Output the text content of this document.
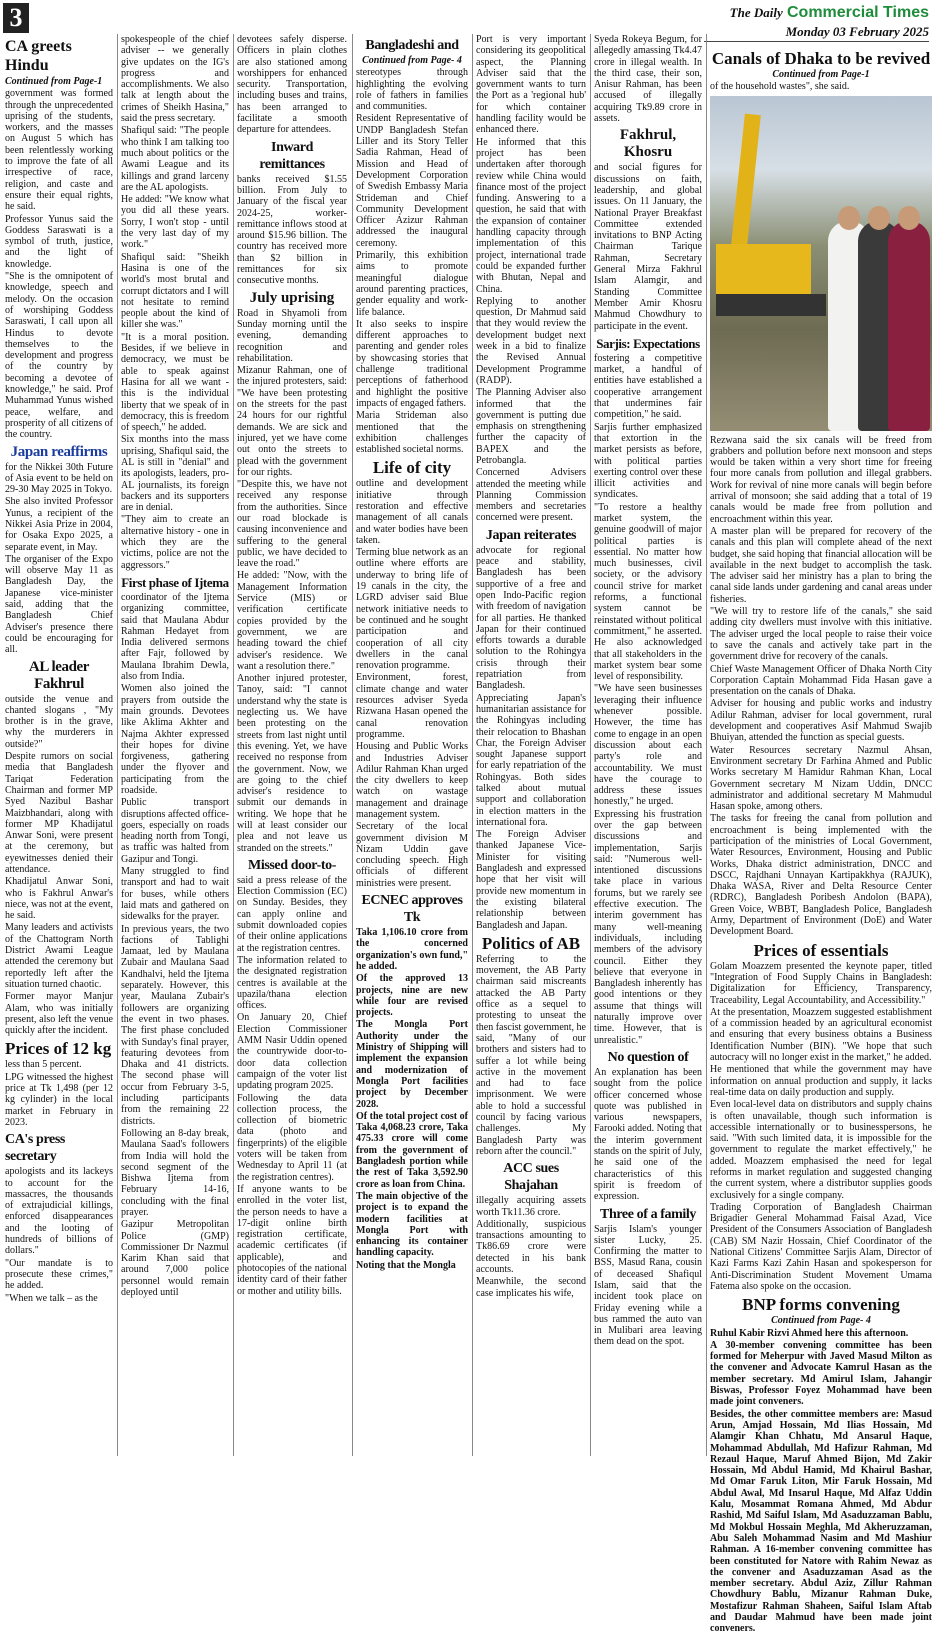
3	The Daily Commercial Times
Monday 03 February 2025
CA greets Hindu
Continued from Page-1

government was formed through the unprecedented uprising of the students, workers, and the masses on August 5 which has been relentlessly working to improve the fate of all irrespective of race, religion, and caste and ensure their equal rights, he said.

Professor Yunus said the Goddess Saraswati is a symbol of truth, justice, and the light of knowledge.

"She is the omnipotent of knowledge, speech and melody. On the occasion of worshiping Goddess Saraswati, I call upon all Hindus to devote themselves to the development and progress of the country by becoming a devotee of knowledge," he said. Prof Muhammad Yunus wished peace, welfare, and prosperity of all citizens of the country.

Japan reaffirms

for the Nikkei 30th Future of Asia event to be held on 29-30 May 2025 in Tokyo.

She also invited Professor Yunus, a recipient of the Nikkei Asia Prize in 2004, for Osaka Expo 2025, a separate event, in May.

The organiser of the Expo will observe May 11 as Bangladesh Day, the Japanese vice-minister said, adding that the Bangladesh Chief Adviser's presence there could be encouraging for all.

AL leader Fakhrul

outside the venue and chanted slogans , "My brother is in the grave, why the murderers in outside?"

Despite rumors on social media that Bangladesh Tariqat Federation Chairman and former MP Syed Nazibul Bashar Maizbhandari, along with former MP Khadijatul Anwar Soni, were present at the ceremony, but eyewitnesses denied their attendance.

Khadijatul Anwar Soni, who is Fakhrul Anwar's niece, was not at the event, he said.

Many leaders and activists of the Chattogram North District Awami League attended the ceremony but reportedly left after the situation turned chaotic.

Former mayor Manjur Alam, who was initially present, also left the venue quickly after the incident.

Prices of 12 kg

less than 5 percent.

LPG witnessed the highest price at Tk 1,498 (per 12 kg cylinder) in the local market in February in 2023.

CA's press secretary

apologists and its lackeys to account for the massacres, the thousands of extrajudicial killings, enforced disappearances and the looting of hundreds of billions of dollars."

"Our mandate is to prosecute these crimes," he added.

"When we talk – as the

spokespeople of the chief adviser -- we generally give updates on the IG's progress and accomplishments. We also talk at length about the crimes of Sheikh Hasina," said the press secretary.

Shafiqul said: "The people who think I am talking too much about politics or the Awami League and its killings and grand larceny are the AL apologists.

He added: "We know what you did all these years. Sorry, I won't stop - until the very last day of my work."

Shafiqul said: "Sheikh Hasina is one of the world's most brutal and corrupt dictators and I will not hesitate to remind people about the kind of killer she was."

"It is a moral position. Besides, if we believe in democracy, we must be able to speak against Hasina for all we want - this is the individual liberty that we speak of in democracy, this is freedom of speech," he added.

Six months into the mass uprising, Shafiqul said, the AL is still in "denial" and its apologists, leaders, pro-AL journalists, its foreign backers and its supporters are in denial.

"They aim to create an alternative history - one in which they are the victims, police are not the aggressors."

First phase of Ijtema

coordinator of the Ijtema organizing committee, said that Maulana Abdur Rahman Hedayet from India delivered sermons after Fajr, followed by Maulana Ibrahim Dewla, also from India.

Women also joined the prayers from outside the main grounds. Devotees like Aklima Akhter and Najma Akhter expressed their hopes for divine forgiveness, gathering under the flyover and participating from the roadside.

Public transport disruptions affected office-goers, especially on roads heading north from Tongi, as traffic was halted from Gazipur and Tongi.

Many struggled to find transport and had to wait for buses, while others laid mats and gathered on sidewalks for the prayer.

In previous years, the two factions of Tablighi Jamaat, led by Maulana Zubair and Maulana Saad Kandhalvi, held the Ijtema separately. However, this year, Maulana Zubair's followers are organizing the event in two phases. The first phase concluded with Sunday's final prayer, featuring devotees from Dhaka and 41 districts. The second phase will occur from February 3-5, including participants from the remaining 22 districts.

Following an 8-day break, Maulana Saad's followers from India will hold the second segment of the Bishwa Ijtema from February 14-16, concluding with the final prayer.

Gazipur Metropolitan Police (GMP) Commissioner Dr Nazmul Karim Khan said that around 7,000 police personnel would remain deployed until

devotees safely disperse. Officers in plain clothes are also stationed among worshippers for enhanced security. Transportation, including buses and trains, has been arranged to facilitate a smooth departure for attendees.

Inward remittances

banks received $1.55 billion. From July to January of the fiscal year 2024-25, worker-remittance inflows stood at around $15.96 billion. The country has received more than $2 billion in remittances for six consecutive months.

July uprising

Road in Shyamoli from Sunday morning until the evening, demanding recognition and rehabilitation.

Mizanur Rahman, one of the injured protesters, said: "We have been protesting on the streets for the past 24 hours for our rightful demands. We are sick and injured, yet we have come out onto the streets to plead with the government for our rights.

"Despite this, we have not received any response from the authorities. Since our road blockade is causing inconvenience and suffering to the general public, we have decided to leave the road."

He added: "Now, with the Management Information Service (MIS) or verification certificate copies provided by the government, we are heading toward the chief adviser's residence. We want a resolution there."

Another injured protester, Tanoy, said: "I cannot understand why the state is neglecting us. We have been protesting on the streets from last night until this evening. Yet, we have received no response from the government. Now, we are going to the chief adviser's residence to submit our demands in writing. We hope that he will at least consider our plea and not leave us stranded on the streets."

Missed door-to-

said a press release of the Election Commission (EC) on Sunday. Besides, they can apply online and submit downloaded copies of their online applications at the registration centres.

The information related to the designated registration centres is available at the upazila/thana election offices.

On January 20, Chief Election Commissioner AMM Nasir Uddin opened the countrywide door-to-door data collection campaign of the voter list updating program 2025.

Following the data collection process, the collection of biometric data (photo and fingerprints) of the eligible voters will be taken from Wednesday to April 11 (at the registration centres).

If anyone wants to be enrolled in the voter list, the person needs to have a 17-digit online birth registration certificate, academic certificates (if applicable), and photocopies of the national identity card of their father or mother and utility bills.

Bangladeshi and
Continued from Page- 4

stereotypes through highlighting the evolving role of fathers in families and communities.

Resident Representative of UNDP Bangladesh Stefan Liller and its Story Teller Sadia Rahman, Head of Mission and Head of Development Corporation of Swedish Embassy Maria Strideman and Chief Community Development Officer Azizur Rahman addressed the inaugural ceremony.

Primarily, this exhibition aims to promote meaningful dialogue around parenting practices, gender equality and work-life balance.

It also seeks to inspire different approaches to parenting and gender roles by showcasing stories that challenge traditional perceptions of fatherhood and highlight the positive impacts of engaged fathers.

Maria Strideman also mentioned that the exhibition challenges established societal norms.

Life of city

outline and development initiative through restoration and effective management of all canals and water bodies have been taken.

Terming blue network as an outline where efforts are underway to bring life of 19 canals in the city, the LGRD adviser said Blue network initiative needs to be continued and he sought participation and cooperation of all city dwellers in the canal renovation programme.

Environment, forest, climate change and water resources adviser Syeda Rizwana Hasan opened the canal renovation programme.

Housing and Public Works and Industries Adviser Adilur Rahman Khan urged the city dwellers to keep watch on wastage management and drainage management system.

Secretary of the local government division M Nizam Uddin gave concluding speech. High officials of different ministries were present.

ECNEC approves Tk

Taka 1,106.10 crore from the concerned organization's own fund," he added.

Of the approved 13 projects, nine are new while four are revised projects.

The Mongla Port Authority under the Ministry of Shipping will implement the expansion and modernization of Mongla Port facilities project by December 2028.

Of the total project cost of Taka 4,068.23 crore, Taka 475.33 crore will come from the government of Bangladesh portion while the rest of Taka 3,592.90 crore as loan from China.

The main objective of the project is to expand the modern facilities at Mongla Port with enhancing its container handling capacity.

Noting that the Mongla

Port is very important considering its geopolitical aspect, the Planning Adviser said that the government wants to turn the Port as a 'regional hub' for which container handling facility would be enhanced there.

He informed that this project has been undertaken after thorough review while China would finance most of the project funding. Answering to a question, he said that with the expansion of container handling capacity through implementation of this project, international trade could be expanded further with Bhutan, Nepal and China.

Replying to another question, Dr Mahmud said that they would review the development budget next week in a bid to finalize the Revised Annual Development Programme (RADP).

The Planning Adviser also informed that the government is putting due emphasis on strengthening further the capacity of BAPEX and the Petrobangla.

Concerned Advisers attended the meeting while Planning Commission members and secretaries concerned were present.

Japan reiterates

advocate for regional peace and stability, Bangladesh has been supportive of a free and open Indo-Pacific region with freedom of navigation for all parties. He thanked Japan for their continued efforts towards a durable solution to the Rohingya crisis through their repatriation from Bangladesh.

Appreciating Japan's humanitarian assistance for the Rohingyas including their relocation to Bhashan Char, the Foreign Adviser sought Japanese support for early repatriation of the Rohingyas. Both sides talked about mutual support and collaboration in election matters in the international fora.

The Foreign Adviser thanked Japanese Vice-Minister for visiting Bangladesh and expressed hope that her visit will provide new momentum in the existing bilateral relationship between Bangladesh and Japan.

Politics of AB

Referring to the movement, the AB Party chairman said miscreants attacked the AB Party office as a sequel to protesting to unseat the then fascist government, he said, "Many of our brothers and sisters had to suffer a lot while being active in the movement and had to face imprisonment. We were able to hold a successful council by facing various challenges. My Bangladesh Party was reborn after the council."

ACC sues Shajahan

illegally acquiring assets worth Tk11.36 crore.

Additionally, suspicious transactions amounting to Tk86.69 crore were detected in his bank accounts.

Meanwhile, the second case implicates his wife,

Syeda Rokeya Begum, for allegedly amassing Tk4.47 crore in illegal wealth. In the third case, their son, Anisur Rahman, has been accused of illegally acquiring Tk9.89 crore in assets.

Fakhrul, Khosru

and social figures for discussions on faith, leadership, and global issues. On 11 January, the National Prayer Breakfast Committee extended invitations to BNP Acting Chairman Tarique Rahman, Secretary General Mirza Fakhrul Islam Alamgir, and Standing Committee Member Amir Khosru Mahmud Chowdhury to participate in the event.

Sarjis: Expectations

fostering a competitive market, a handful of entities have established a cooperative arrangement that undermines fair competition," he said.

Sarjis further emphasized that extortion in the market persists as before, with political parties exerting control over these illicit activities and syndicates.

"To restore a healthy market system, the genuine goodwill of major political parties is essential. No matter how much businesses, civil society, or the advisory council strive for market reforms, a functional system cannot be reinstated without political commitment," he asserted. He also acknowledged that all stakeholders in the market system bear some level of responsibility.

"We have seen businesses leveraging their influence whenever possible. However, the time has come to engage in an open discussion about each party's role and accountability. We must have the courage to address these issues honestly," he urged.

Expressing his frustration over the gap between discussions and implementation, Sarjis said: "Numerous well-intentioned discussions take place in various forums, but we rarely see effective execution. The interim government has many well-meaning individuals, including members of the advisory council. Either they believe that everyone in Bangladesh inherently has good intentions or they assume that things will naturally improve over time. However, that is unrealistic."

No question of

An explanation has been sought from the police officer concerned whose quote was published in various newspapers, Farooki added. Noting that the interim government stands on the spirit of July, he said one of the characteristics of this spirit is freedom of expression.

Three of a family

Sarjis Islam's younger sister Lucky, 25. Confirming the matter to BSS, Masud Rana, cousin of deceased Shafiqul Islam, said that the incident took place on Friday evening while a bus rammed the auto van in Mulibari area leaving them dead on the spot.

Canals of Dhaka to be revived
Continued from Page-1

of the household wastes", she said.

Rezwana said the six canals will be freed from grabbers and pollution before next monsoon and steps would be taken within a very short time for freeing four more canals from pollution and illegal grabbers. Work for revival of nine more canals will begin before arrival of monsoon; she said adding that a total of 19 canals would be made free from pollution and encroachment within this year.

A master plan will be prepared for recovery of the canals and this plan will complete ahead of the next budget, she said hoping that financial allocation will be available in the next budget to accomplish the task. The adviser said her ministry has a plan to bring the canal side lands under gardening and canal areas under fisheries.

"We will try to restore life of the canals," she said adding city dwellers must involve with this initiative. The adviser urged the local people to raise their voice to save the canals and actively take part in the government drive for recovery of the canals.

Chief Waste Management Officer of Dhaka North City Corporation Captain Mohammad Fida Hasan gave a presentation on the canals of Dhaka.

Adviser for housing and public works and industry Adilur Rahman, adviser for local government, rural development and cooperatives Asif Mahmud Swajib Bhuiyan, attended the function as special guests.

Water Resources secretary Nazmul Ahsan, Environment secretary Dr Farhina Ahmed and Public Works secretary M Hamidur Rahman Khan, Local Government secretary M Nizam Uddin, DNCC administrator and additional secretary M Mahmudul Hasan spoke, among others.

The tasks for freeing the canal from pollution and encroachment is being implemented with the participation of the ministries of Local Government, Water Resources, Environment, Housing and Public Works, Dhaka district administration, DNCC and DSCC, Rajdhani Unnayan Kartipakkhya (RAJUK), Dhaka WASA, River and Delta Resource Center (RDRC), Bangladesh Poribesh Andolon (BAPA), Green Voice, WBBT, Bangladesh Police, Bangladesh Army, Department of Environment (DoE) and Water Development Board.

Prices of essentials

Golam Moazzem presented the keynote paper, titled "Integration of Food Supply Chains in Bangladesh: Digitalization for Efficiency, Transparency, Traceability, Legal Accountability, and Accessibility."

At the presentation, Moazzem suggested establishment of a commission headed by an agricultural economist and ensuring that every business obtains a Business Identification Number (BIN). "We hope that such autocracy will no longer exist in the market," he added.

He mentioned that while the government may have information on annual production and supply, it lacks real-time data on daily production and supply.

Even local-level data on distributors and supply chains is often unavailable, though such information is accessible internationally or to businesspersons, he said. "With such limited data, it is impossible for the government to regulate the market effectively," he added. Moazzem emphasised the need for legal reforms in market regulation and suggested changing the current system, where a distributor supplies goods exclusively for a single company.

Trading Corporation of Bangladesh Chairman Brigadier General Mohammad Faisal Azad, Vice President of the Consumers Association of Bangladesh (CAB) SM Nazir Hossain, Chief Coordinator of the National Citizens' Committee Sarjis Alam, Director of Kazi Farms Kazi Zahin Hasan and spokesperson for Anti-Discrimination Student Movement Umama Fatema also spoke on the occasion.

BNP forms convening
Continued from Page- 4

Ruhul Kabir Rizvi Ahmed here this afternoon.

A 30-member convening committee has been formed for Meherpur with Javed Masud Milton as the convener and Advocate Kamrul Hasan as the member secretary. Md Amirul Islam, Jahangir Biswas, Professor Foyez Mohammad have been made joint conveners.

Besides, the other committee members are: Masud Arun, Amjad Hossain, Md Ilias Hossain, Md Alamgir Khan Chhatu, Md Ansarul Haque, Mohammad Abdullah, Md Hafizur Rahman, Md Rezaul Haque, Maruf Ahmed Bijon, Md Zakir Hossain, Md Abdul Hamid, Md Khairul Bashar, Md Omar Faruk Liton, Mir Faruk Hossain, Md Abdul Awal, Md Insarul Haque, Md Alfaz Uddin Kalu, Mosammat Romana Ahmed, Md Abdur Rashid, Md Saiful Islam, Md Asaduzzaman Bablu, Md Mokbul Hossain Meghla, Md Akheruzzaman, Abu Saleh Mohammad Nasim and Md Mashiur Rahman. A 16-member convening committee has been constituted for Natore with Rahim Newaz as the convener and Asaduzzaman Asad as the member secretary. Abdul Aziz, Zillur Rahman Chowdhury Bablu, Mizanur Rahman Duke, Mostafizur Rahman Shaheen, Saiful Islam Aftab and Daudar Mahmud have been made joint conveners.
